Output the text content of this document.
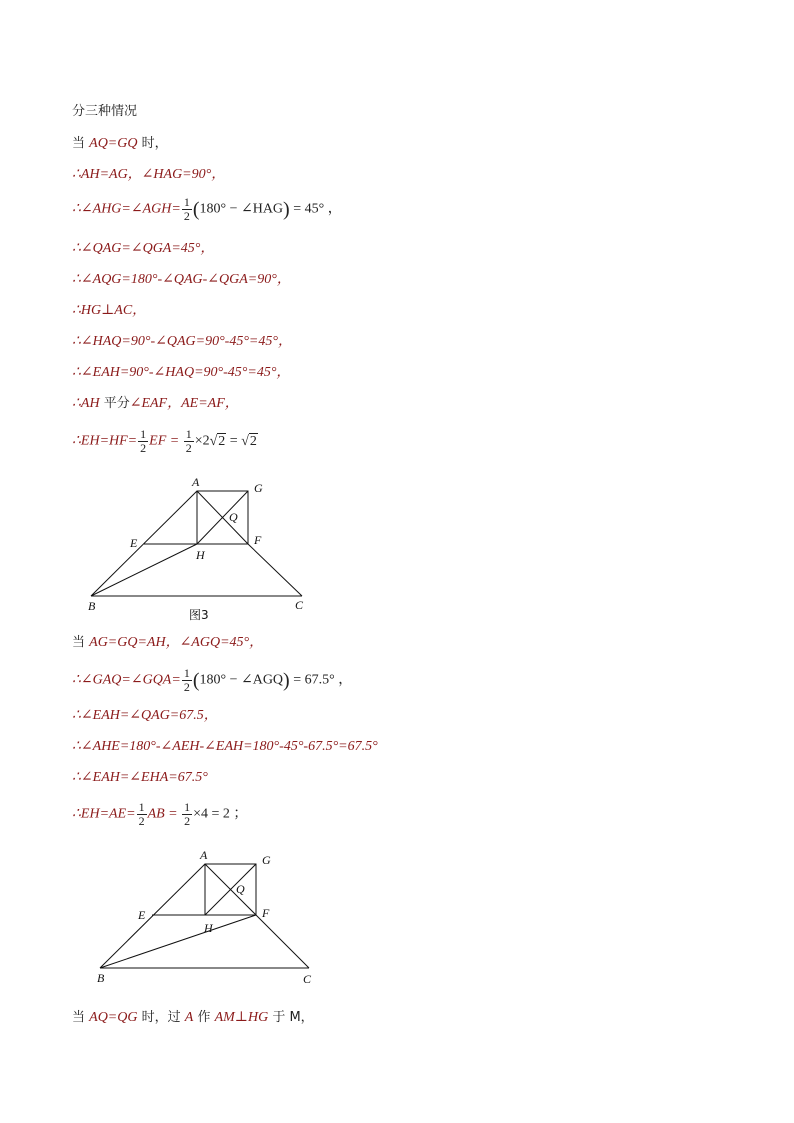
分三种情况
当 AQ=GQ 时，
∴AH=AG，∠HAG=90°，
∴∠AHG=∠AGH= $\frac{1}{2} (180^\circ$ − ∠HAG) = 45° ，
∴∠QAG=∠QGA=45°，
∴∠AQG=180°-∠QAG-∠QGA=90°，
∴HG⊥AC，
∴∠HAQ=90°-∠QAG=90°-45°=45°，
∴∠EAH=90°-∠HAQ=90°-45°=45°，
∴AH 平分∠EAF，AE=AF，
∴EH=HF= $\frac{1}{2}$ EF = $\frac{1}{2} \times 2√2 = √2$
A	G
Q
E	F
H
B	C
图3
A	G
Q
E	F
H
B	C
当 AG=GQ=AH，∠AGQ=45°，
∴∠GAQ=∠GQA= $\frac{1}{2} (180^\circ$ − ∠AGQ) = 67.5° ，
∴∠EAH=∠QAG=67.5，
∴∠AHE=180°-∠AEH-∠EAH=180°-45°-67.5°=67.5°
∴∠EAH=∠EHA=67.5°
∴EH=AE= $\frac{1}{2}$ AB = $\frac{1}{2} \times 4 = 2$ ；
当 AQ=QG 时，过 A 作 AM⊥HG 于 M，
